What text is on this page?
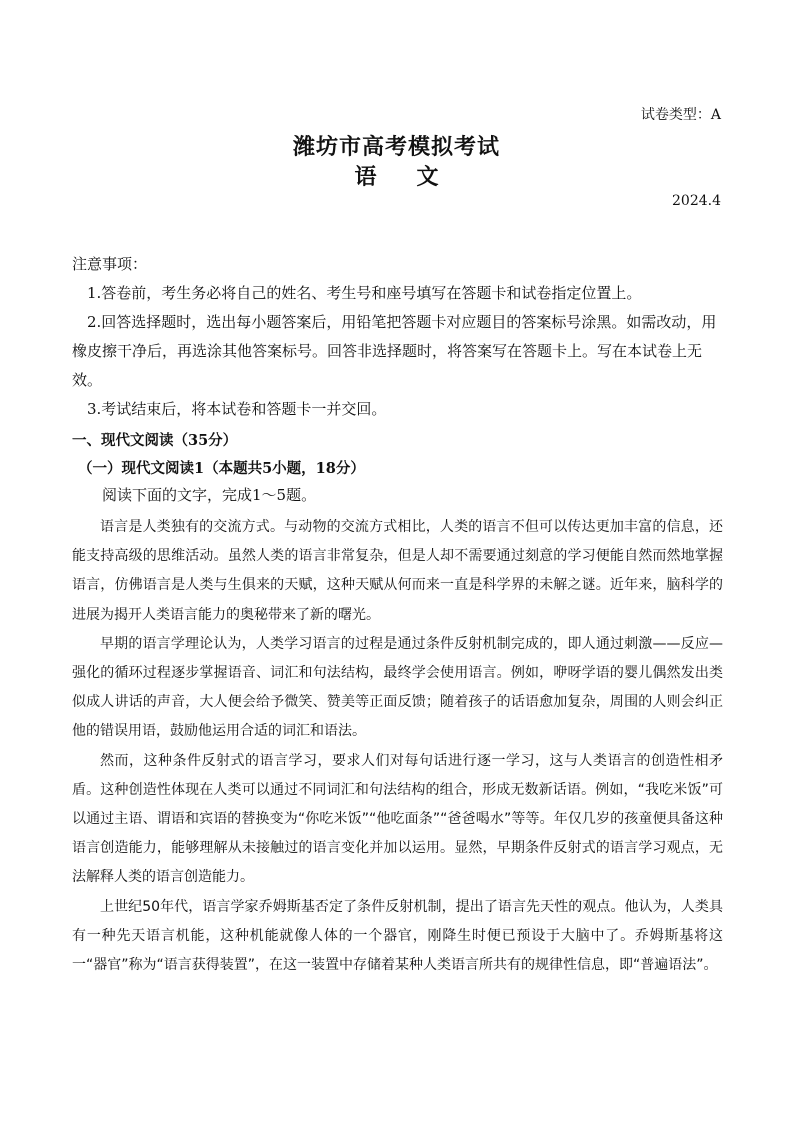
试卷类型：A
潍坊市高考模拟考试
语 文
2024.4

注意事项：

1.答卷前，考生务必将自己的姓名、考生号和座号填写在答题卡和试卷指定位置上。

2.回答选择题时，选出每小题答案后，用铅笔把答题卡对应题目的答案标号涂黑。如需改动，用橡皮擦干净后，再选涂其他答案标号。回答非选择题时，将答案写在答题卡上。写在本试卷上无效。

3.考试结束后，将本试卷和答题卡一并交回。

一、现代文阅读（35分）
（一）现代文阅读1（本题共5小题，18分）
阅读下面的文字，完成1～5题。

语言是人类独有的交流方式。与动物的交流方式相比，人类的语言不但可以传达更加丰富的信息，还能支持高级的思维活动。虽然人类的语言非常复杂，但是人却不需要通过刻意的学习便能自然而然地掌握语言，仿佛语言是人类与生俱来的天赋，这种天赋从何而来一直是科学界的未解之谜。近年来，脑科学的进展为揭开人类语言能力的奥秘带来了新的曙光。

早期的语言学理论认为，人类学习语言的过程是通过条件反射机制完成的，即人通过刺激——反应—强化的循环过程逐步掌握语音、词汇和句法结构，最终学会使用语言。例如，咿呀学语的婴儿偶然发出类似成人讲话的声音，大人便会给予微笑、赞美等正面反馈；随着孩子的话语愈加复杂，周围的人则会纠正他的错误用语，鼓励他运用合适的词汇和语法。

然而，这种条件反射式的语言学习，要求人们对每句话进行逐一学习，这与人类语言的创造性相矛盾。这种创造性体现在人类可以通过不同词汇和句法结构的组合，形成无数新话语。例如，“我吃米饭”可以通过主语、谓语和宾语的替换变为“你吃米饭”“他吃面条”“爸爸喝水”等等。年仅几岁的孩童便具备这种语言创造能力，能够理解从未接触过的语言变化并加以运用。显然，早期条件反射式的语言学习观点，无法解释人类的语言创造能力。

上世纪50年代，语言学家乔姆斯基否定了条件反射机制，提出了语言先天性的观点。他认为，人类具有一种先天语言机能，这种机能就像人体的一个器官，刚降生时便已预设于大脑中了。乔姆斯基将这一“器官”称为“语言获得装置”，在这一装置中存储着某种人类语言所共有的规律性信息，即“普遍语法”。
